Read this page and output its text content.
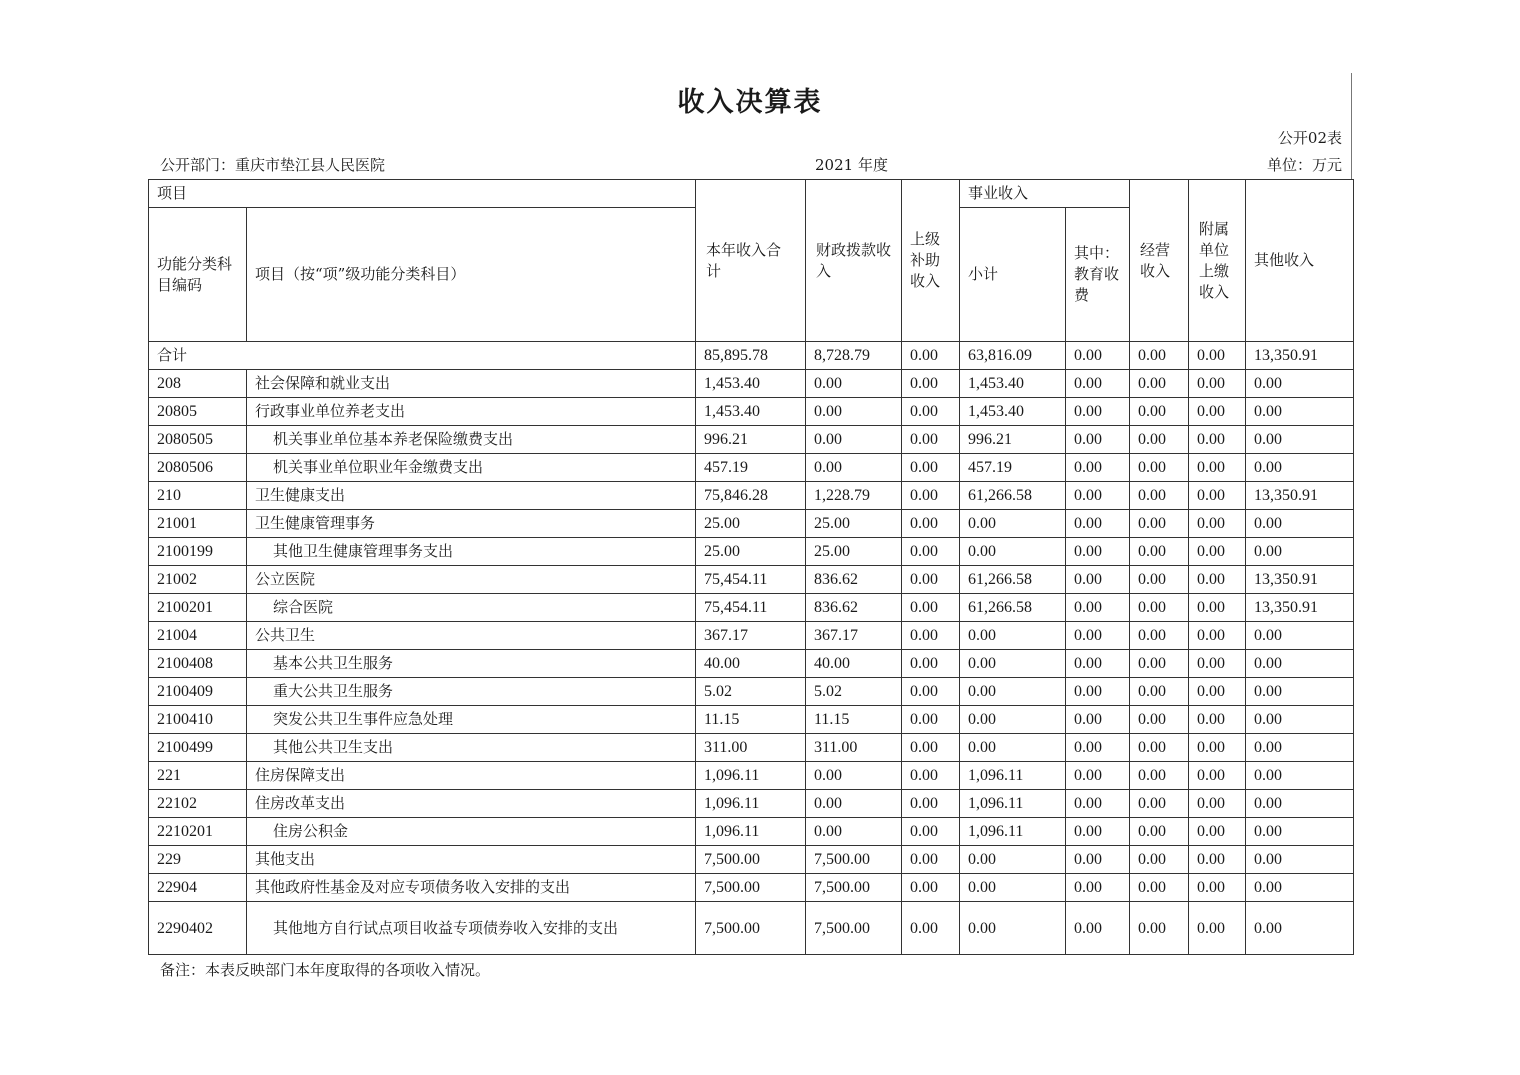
收入决算表
公开02表
公开部门：重庆市垫江县人民医院	2021 年度	单位：万元
项目		本年收入合计	财政拨款收入	上级补助收入	事业收入		经营收入	附属单位上缴收入	其他收入
功能分类科目编码	项目（按“项”级功能分类科目）				小计	其中：教育收费			

合计		85,895.78	8,728.79	0.00	63,816.09	0.00	0.00	0.00	13,350.91
208	社会保障和就业支出	1,453.40	0.00	0.00	1,453.40	0.00	0.00	0.00	0.00
20805	行政事业单位养老支出	1,453.40	0.00	0.00	1,453.40	0.00	0.00	0.00	0.00
2080505	机关事业单位基本养老保险缴费支出	996.21	0.00	0.00	996.21	0.00	0.00	0.00	0.00
2080506	机关事业单位职业年金缴费支出	457.19	0.00	0.00	457.19	0.00	0.00	0.00	0.00
210	卫生健康支出	75,846.28	1,228.79	0.00	61,266.58	0.00	0.00	0.00	13,350.91
21001	卫生健康管理事务	25.00	25.00	0.00	0.00	0.00	0.00	0.00	0.00
2100199	其他卫生健康管理事务支出	25.00	25.00	0.00	0.00	0.00	0.00	0.00	0.00
21002	公立医院	75,454.11	836.62	0.00	61,266.58	0.00	0.00	0.00	13,350.91
2100201	综合医院	75,454.11	836.62	0.00	61,266.58	0.00	0.00	0.00	13,350.91
21004	公共卫生	367.17	367.17	0.00	0.00	0.00	0.00	0.00	0.00
2100408	基本公共卫生服务	40.00	40.00	0.00	0.00	0.00	0.00	0.00	0.00
2100409	重大公共卫生服务	5.02	5.02	0.00	0.00	0.00	0.00	0.00	0.00
2100410	突发公共卫生事件应急处理	11.15	11.15	0.00	0.00	0.00	0.00	0.00	0.00
2100499	其他公共卫生支出	311.00	311.00	0.00	0.00	0.00	0.00	0.00	0.00
221	住房保障支出	1,096.11	0.00	0.00	1,096.11	0.00	0.00	0.00	0.00
22102	住房改革支出	1,096.11	0.00	0.00	1,096.11	0.00	0.00	0.00	0.00
2210201	住房公积金	1,096.11	0.00	0.00	1,096.11	0.00	0.00	0.00	0.00
229	其他支出	7,500.00	7,500.00	0.00	0.00	0.00	0.00	0.00	0.00
22904	其他政府性基金及对应专项债务收入安排的支出	7,500.00	7,500.00	0.00	0.00	0.00	0.00	0.00	0.00
2290402	其他地方自行试点项目收益专项债券收入安排的支出	7,500.00	7,500.00	0.00	0.00	0.00	0.00	0.00	0.00
备注：本表反映部门本年度取得的各项收入情况。
